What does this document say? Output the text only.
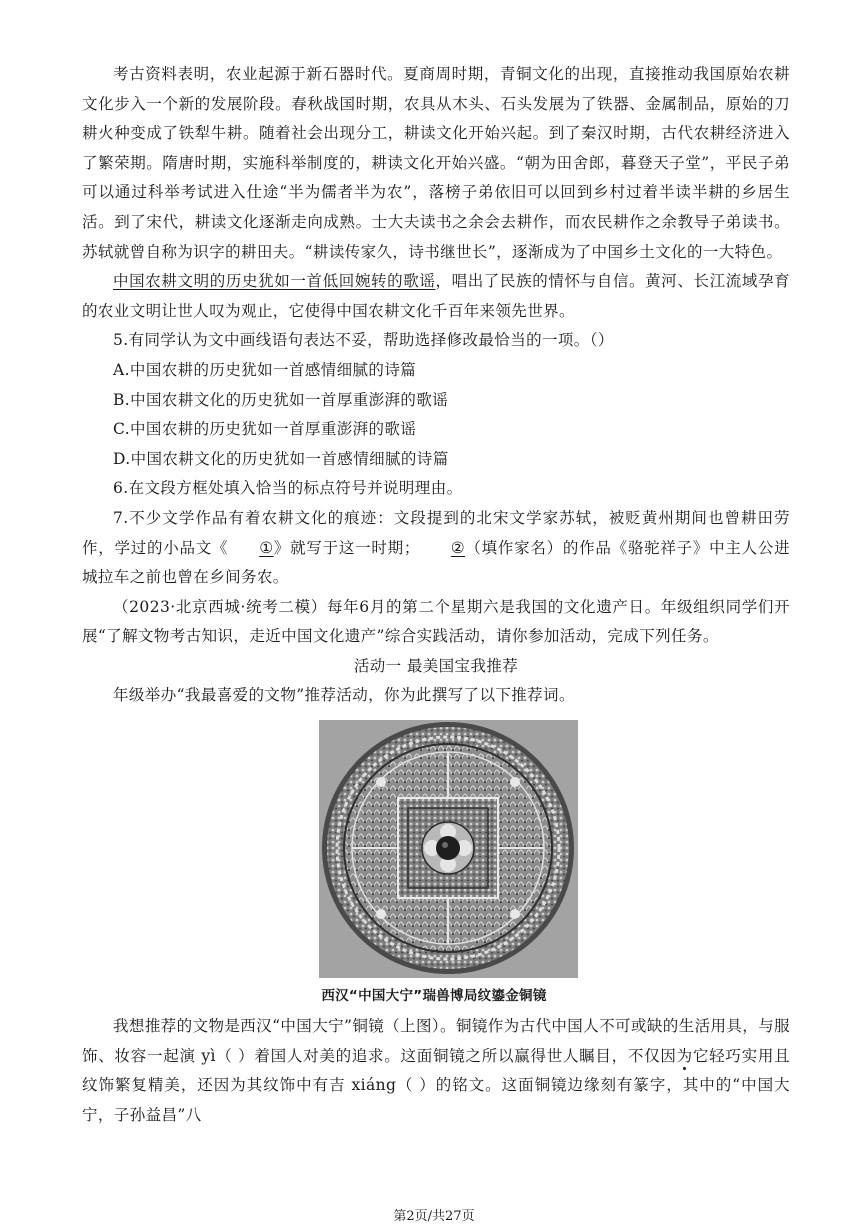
考古资料表明，农业起源于新石器时代。夏商周时期，青铜文化的出现，直接推动我国原始农耕文化步入一个新的发展阶段。春秋战国时期，农具从木头、石头发展为了铁器、金属制品，原始的刀耕火种变成了铁犁牛耕。随着社会出现分工，耕读文化开始兴起。到了秦汉时期，古代农耕经济进入了繁荣期。隋唐时期，实施科举制度的，耕读文化开始兴盛。“朝为田舍郎，暮登天子堂”，平民子弟可以通过科举考试进入仕途“半为儒者半为农”，落榜子弟依旧可以回到乡村过着半读半耕的乡居生活。到了宋代，耕读文化逐渐走向成熟。士大夫读书之余会去耕作，而农民耕作之余教导子弟读书。苏轼就曾自称为识字的耕田夫。“耕读传家久，诗书继世长”，逐渐成为了中国乡土文化的一大特色。

中国农耕文明的历史犹如一首低回婉转的歌谣，唱出了民族的情怀与自信。黄河、长江流域孕育的农业文明让世人叹为观止，它使得中国农耕文化千百年来领先世界。

5.有同学认为文中画线语句表达不妥，帮助选择修改最恰当的一项。（）

A.中国农耕的历史犹如一首感情细腻的诗篇

B.中国农耕文化的历史犹如一首厚重澎湃的歌谣

C.中国农耕的历史犹如一首厚重澎湃的歌谣

D.中国农耕文化的历史犹如一首感情细腻的诗篇

6.在文段方框处填入恰当的标点符号并说明理由。

7.不少文学作品有着农耕文化的痕迹：文段提到的北宋文学家苏轼，被贬黄州期间也曾耕田劳作，学过的小品文《①》就写于这一时期；②（填作家名）的作品《骆驼祥子》中主人公进城拉车之前也曾在乡间务农。

（2023·北京西城·统考二模）每年6月的第二个星期六是我国的文化遗产日。年级组织同学们开展“了解文物考古知识，走近中国文化遗产”综合实践活动，请你参加活动，完成下列任务。

活动一 最美国宝我推荐

年级举办“我最喜爱的文物”推荐活动，你为此撰写了以下推荐词。

西汉“中国大宁”瑞兽博局纹鎏金铜镜

我想推荐的文物是西汉“中国大宁”铜镜（上图）。铜镜作为古代中国人不可或缺的生活用具，与服饰、妆容一起演 yì（ ）着国人对美的追求。这面铜镜之所以赢得世人瞩目，不仅因为它轻巧实用且纹饰繁复精美，还因为其纹饰中有吉 xiáng（ ）的铭文。这面铜镜边缘刻有篆字，其中的“中国大宁，子孙益昌”八

第2页/共27页
